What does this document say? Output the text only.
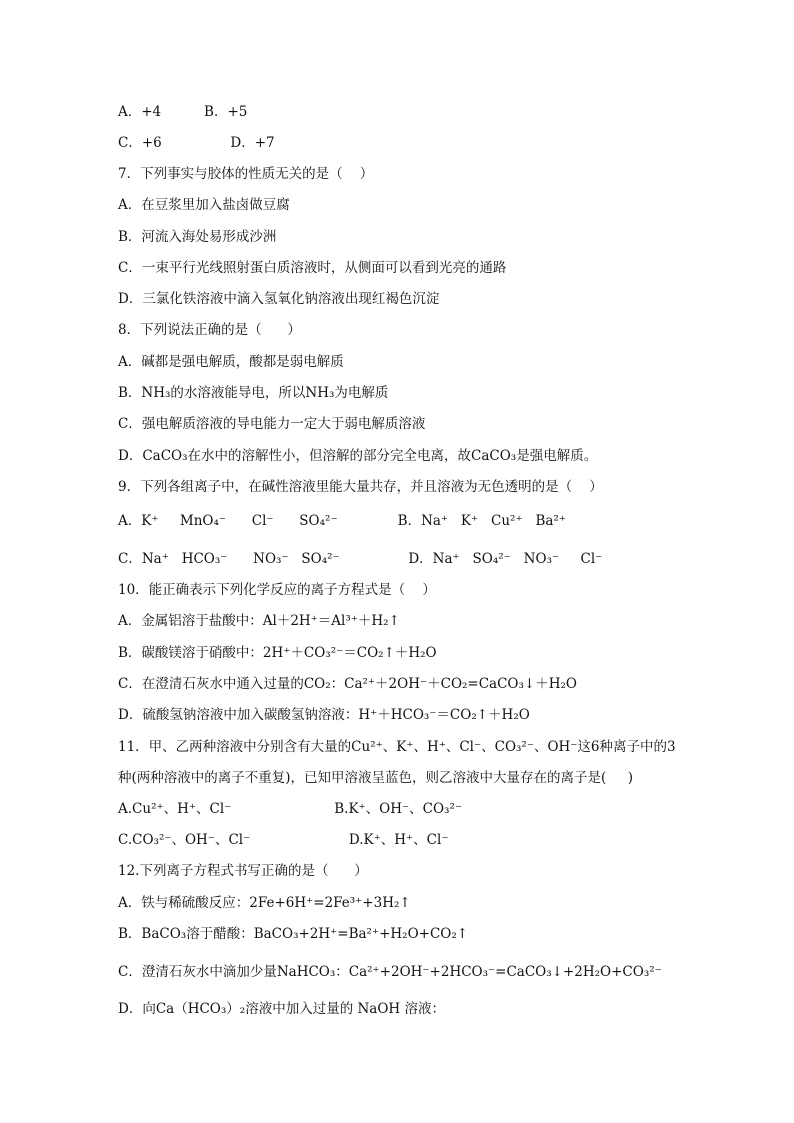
A．+4          B．+5
C．+6                D．+7
7．下列事实与胶体的性质无关的是（    ）
A．在豆浆里加入盐卤做豆腐
B．河流入海处易形成沙洲
C．一束平行光线照射蛋白质溶液时，从侧面可以看到光亮的通路
D．三氯化铁溶液中滴入氢氧化钠溶液出现红褐色沉淀
8．下列说法正确的是（      ）
A．碱都是强电解质，酸都是弱电解质
B．NH₃的水溶液能导电，所以NH₃为电解质
C．强电解质溶液的导电能力一定大于弱电解质溶液
D．CaCO₃在水中的溶解性小，但溶解的部分完全电离，故CaCO₃是强电解质。
9．下列各组离子中，在碱性溶液里能大量共存，并且溶液为无色透明的是（    ）
A．K⁺     MnO₄⁻      Cl⁻      SO₄²⁻              B．Na⁺   K⁺   Cu²⁺   Ba²⁺
C．Na⁺   HCO₃⁻      NO₃⁻   SO₄²⁻                D．Na⁺   SO₄²⁻   NO₃⁻     Cl⁻
10．能正确表示下列化学反应的离子方程式是（    ）
A．金属铝溶于盐酸中：Al＋2H⁺＝Al³⁺＋H₂↑
B．碳酸镁溶于硝酸中：2H⁺＋CO₃²⁻＝CO₂↑＋H₂O
C．在澄清石灰水中通入过量的CO₂：Ca²⁺＋2OH⁻＋CO₂=CaCO₃↓＋H₂O
D．硫酸氢钠溶液中加入碳酸氢钠溶液：H⁺＋HCO₃⁻＝CO₂↑＋H₂O
11．甲、乙两种溶液中分别含有大量的Cu²⁺、K⁺、H⁺、Cl⁻、CO₃²⁻、OH⁻这6种离子中的3
种(两种溶液中的离子不重复)，已知甲溶液呈蓝色，则乙溶液中大量存在的离子是(     )
A.Cu²⁺、H⁺、Cl⁻                        B.K⁺、OH⁻、CO₃²⁻
C.CO₃²⁻、OH⁻、Cl⁻                       D.K⁺、H⁺、Cl⁻
12.下列离子方程式书写正确的是（      ）
A．铁与稀硫酸反应：2Fe+6H⁺=2Fe³⁺+3H₂↑
B．BaCO₃溶于醋酸：BaCO₃+2H⁺=Ba²⁺+H₂O+CO₂↑
C．澄清石灰水中滴加少量NaHCO₃：Ca²⁺+2OH⁻+2HCO₃⁻=CaCO₃↓+2H₂O+CO₃²⁻
D．向Ca（HCO₃）₂溶液中加入过量的 NaOH 溶液：
